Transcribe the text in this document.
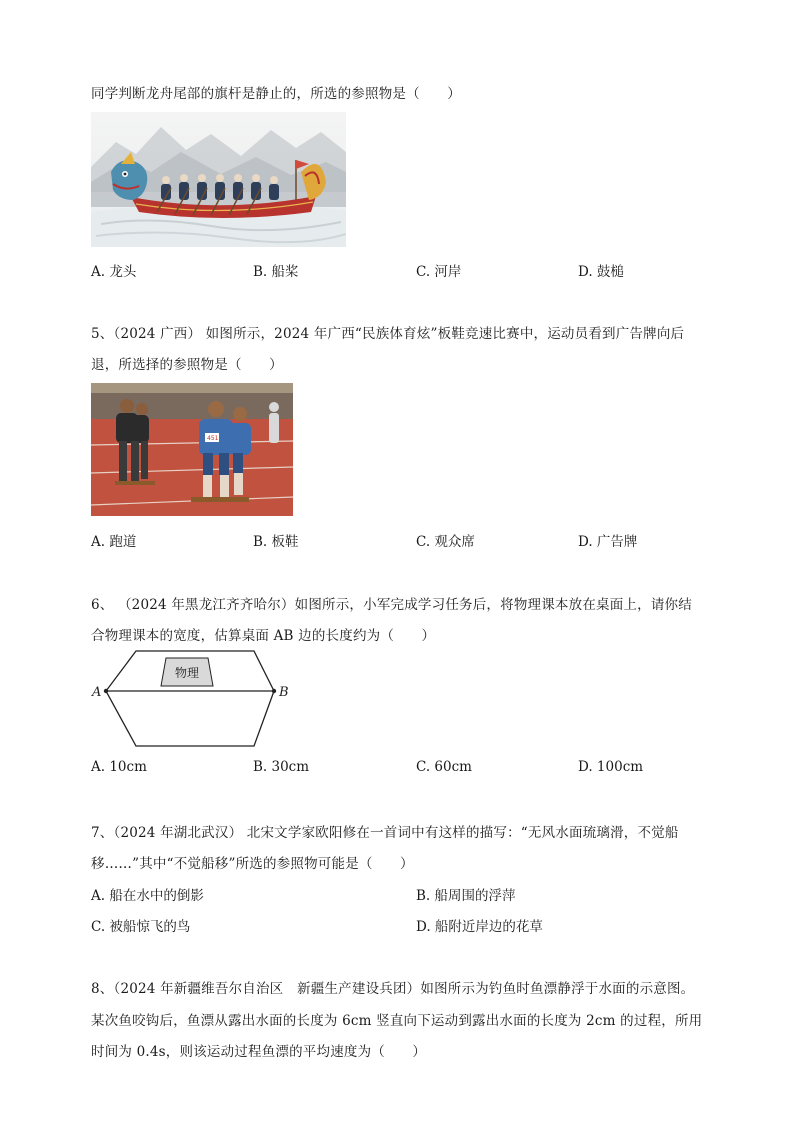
同学判断龙舟尾部的旗杆是静止的，所选的参照物是（　　）
A. 龙头	B. 船桨	C. 河岸	D. 鼓槌
5、（2024 广西） 如图所示，2024 年广西“民族体育炫”板鞋竞速比赛中，运动员看到广告牌向后
退，所选择的参照物是（　　）
451
A. 跑道	B. 板鞋	C. 观众席	D. 广告牌
6、 （2024 年黑龙江齐齐哈尔）如图所示，小军完成学习任务后，将物理课本放在桌面上，请你结
合物理课本的宽度，估算桌面 AB 边的长度约为（　　）
物理
A	B
A. 10cm	B. 30cm	C. 60cm	D. 100cm
7、（2024 年湖北武汉） 北宋文学家欧阳修在一首词中有这样的描写：“无风水面琉璃滑，不觉船
移……”其中“不觉船移”所选的参照物可能是（　　）
A. 船在水中的倒影	B. 船周围的浮萍
C. 被船惊飞的鸟	D. 船附近岸边的花草
8、（2024 年新疆维吾尔自治区　新疆生产建设兵团）如图所示为钓鱼时鱼漂静浮于水面的示意图。
某次鱼咬钩后，鱼漂从露出水面的长度为 6cm 竖直向下运动到露出水面的长度为 2cm 的过程，所用
时间为 0.4s，则该运动过程鱼漂的平均速度为（　　）
